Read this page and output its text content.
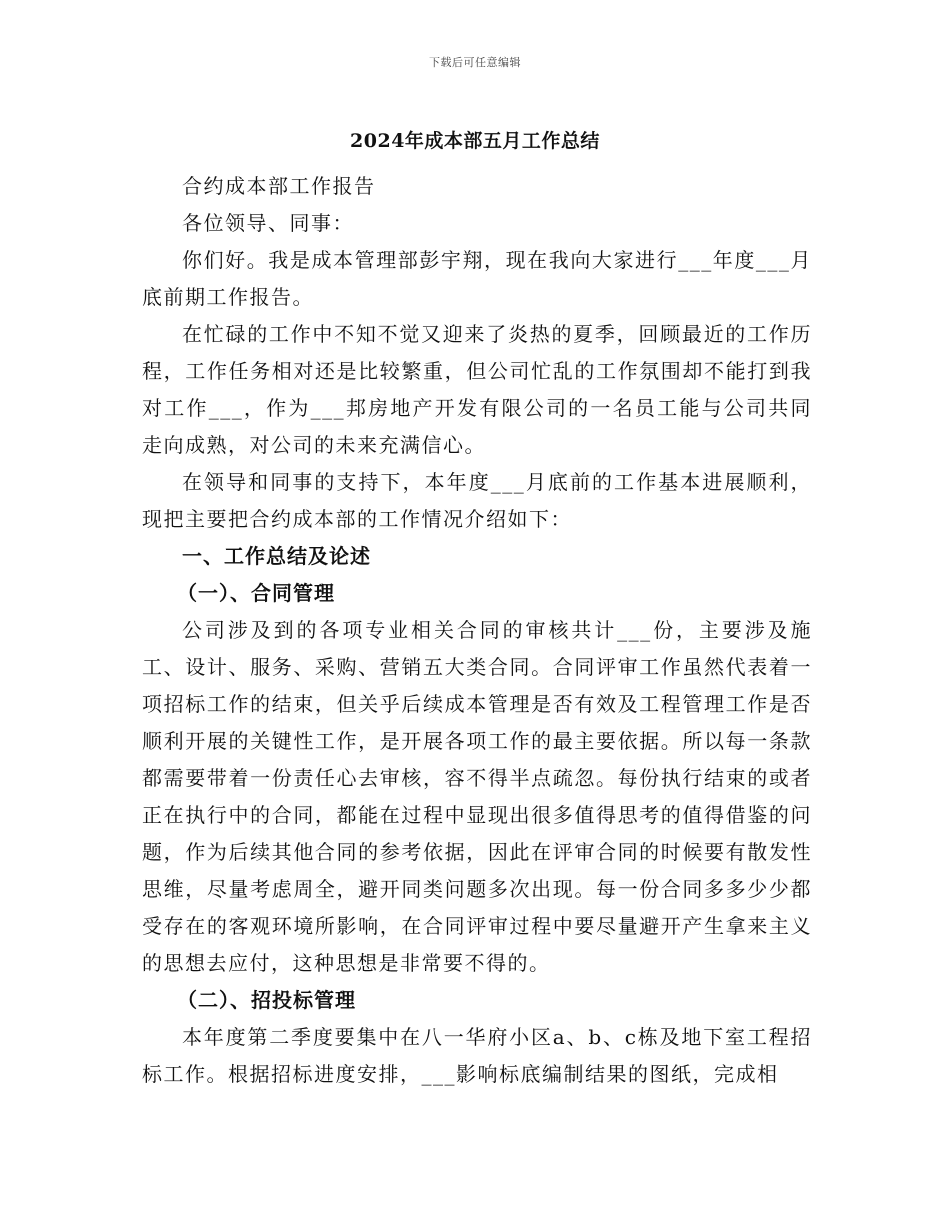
下载后可任意编辑
2024年成本部五月工作总结

合约成本部工作报告

各位领导、同事：

你们好。我是成本管理部彭宇翔，现在我向大家进行___年度___月底前期工作报告。

在忙碌的工作中不知不觉又迎来了炎热的夏季，回顾最近的工作历程，工作任务相对还是比较繁重，但公司忙乱的工作氛围却不能打到我对工作___，作为___邦房地产开发有限公司的一名员工能与公司共同走向成熟，对公司的未来充满信心。

在领导和同事的支持下，本年度___月底前的工作基本进展顺利，现把主要把合约成本部的工作情况介绍如下：

一、工作总结及论述

（一）、合同管理

公司涉及到的各项专业相关合同的审核共计___份，主要涉及施工、设计、服务、采购、营销五大类合同。合同评审工作虽然代表着一项招标工作的结束，但关乎后续成本管理是否有效及工程管理工作是否顺利开展的关键性工作，是开展各项工作的最主要依据。所以每一条款都需要带着一份责任心去审核，容不得半点疏忽。每份执行结束的或者正在执行中的合同，都能在过程中显现出很多值得思考的值得借鉴的问题，作为后续其他合同的参考依据，因此在评审合同的时候要有散发性思维，尽量考虑周全，避开同类问题多次出现。每一份合同多多少少都受存在的客观环境所影响，在合同评审过程中要尽量避开产生拿来主义的思想去应付，这种思想是非常要不得的。

（二）、招投标管理

本年度第二季度要集中在八一华府小区a、b、c栋及地下室工程招标工作。根据招标进度安排，___影响标底编制结果的图纸，完成相
